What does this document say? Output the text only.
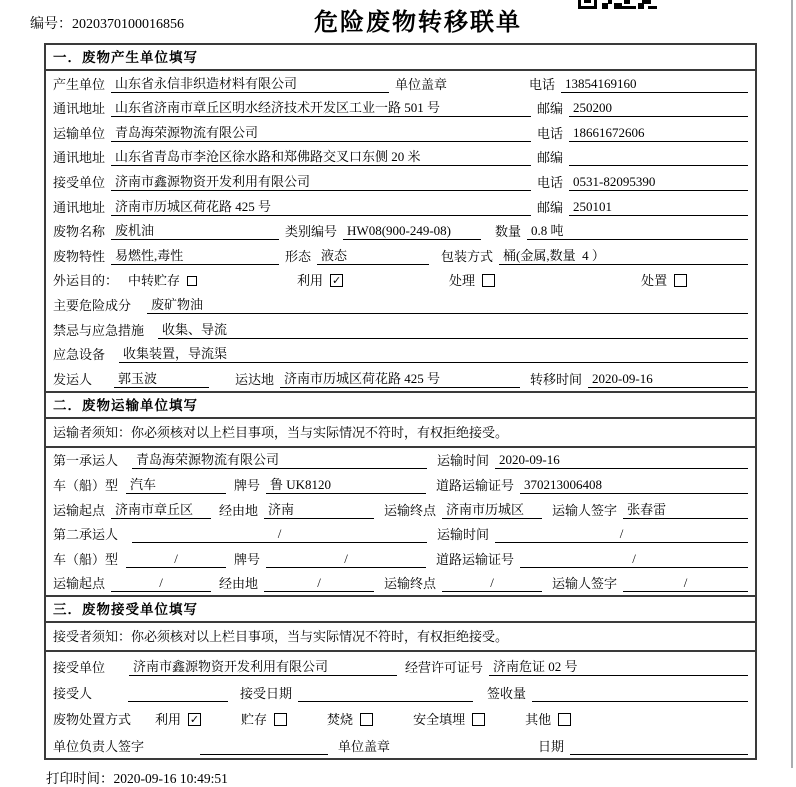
编号：2020370100016856	危险废物转移联单
一．废物产生单位填写
产生单位 山东省永信非织造材料有限公司	单位盖章	电话 13854169160
通讯地址 山东省济南市章丘区明水经济技术开发区工业一路 501 号	邮编 250200
运输单位 青岛海荣源物流有限公司	电话 18661672606
通讯地址 山东省青岛市李沧区徐水路和郑佛路交叉口东侧 20 米	邮编
接受单位 济南市鑫源物资开发利用有限公司	电话 0531-82095390
通讯地址 济南市历城区荷花路 425 号	邮编 250101
废物名称 废机油	类别编号 HW08(900-249-08)	数量 0.8 吨
废物特性 易燃性,毒性	形态 液态	包装方式 桶(金属,数量  4 ）
外运目的： 中转贮存	利用 ✓	处理	处置
主要危险成分	废矿物油
禁忌与应急措施	收集、导流
应急设备	收集装置，导流渠
发运人	郭玉波	运达地 济南市历城区荷花路 425 号	转移时间 2020-09-16
二．废物运输单位填写
运输者须知：你必须核对以上栏目事项，当与实际情况不符时，有权拒绝接受。
第一承运人	青岛海荣源物流有限公司	运输时间 2020-09-16
车（船）型 汽车	牌号 鲁 UK8120	道路运输证号 370213006408
运输起点 济南市章丘区	经由地 济南	运输终点 济南市历城区	运输人签字 张春雷
第二承运人	/	运输时间	/
车（船）型	/	牌号	/	道路运输证号	/
运输起点	/	经由地	/	运输终点	/	运输人签字	/
三．废物接受单位填写
接受者须知：你必须核对以上栏目事项，当与实际情况不符时，有权拒绝接受。
接受单位	济南市鑫源物资开发利用有限公司	经营许可证号 济南危证 02 号
接受人	接受日期	签收量
废物处置方式 利用 ✓	贮存	焚烧	安全填埋	其他
单位负责人签字	单位盖章	日期
打印时间：2020-09-16 10:49:51
